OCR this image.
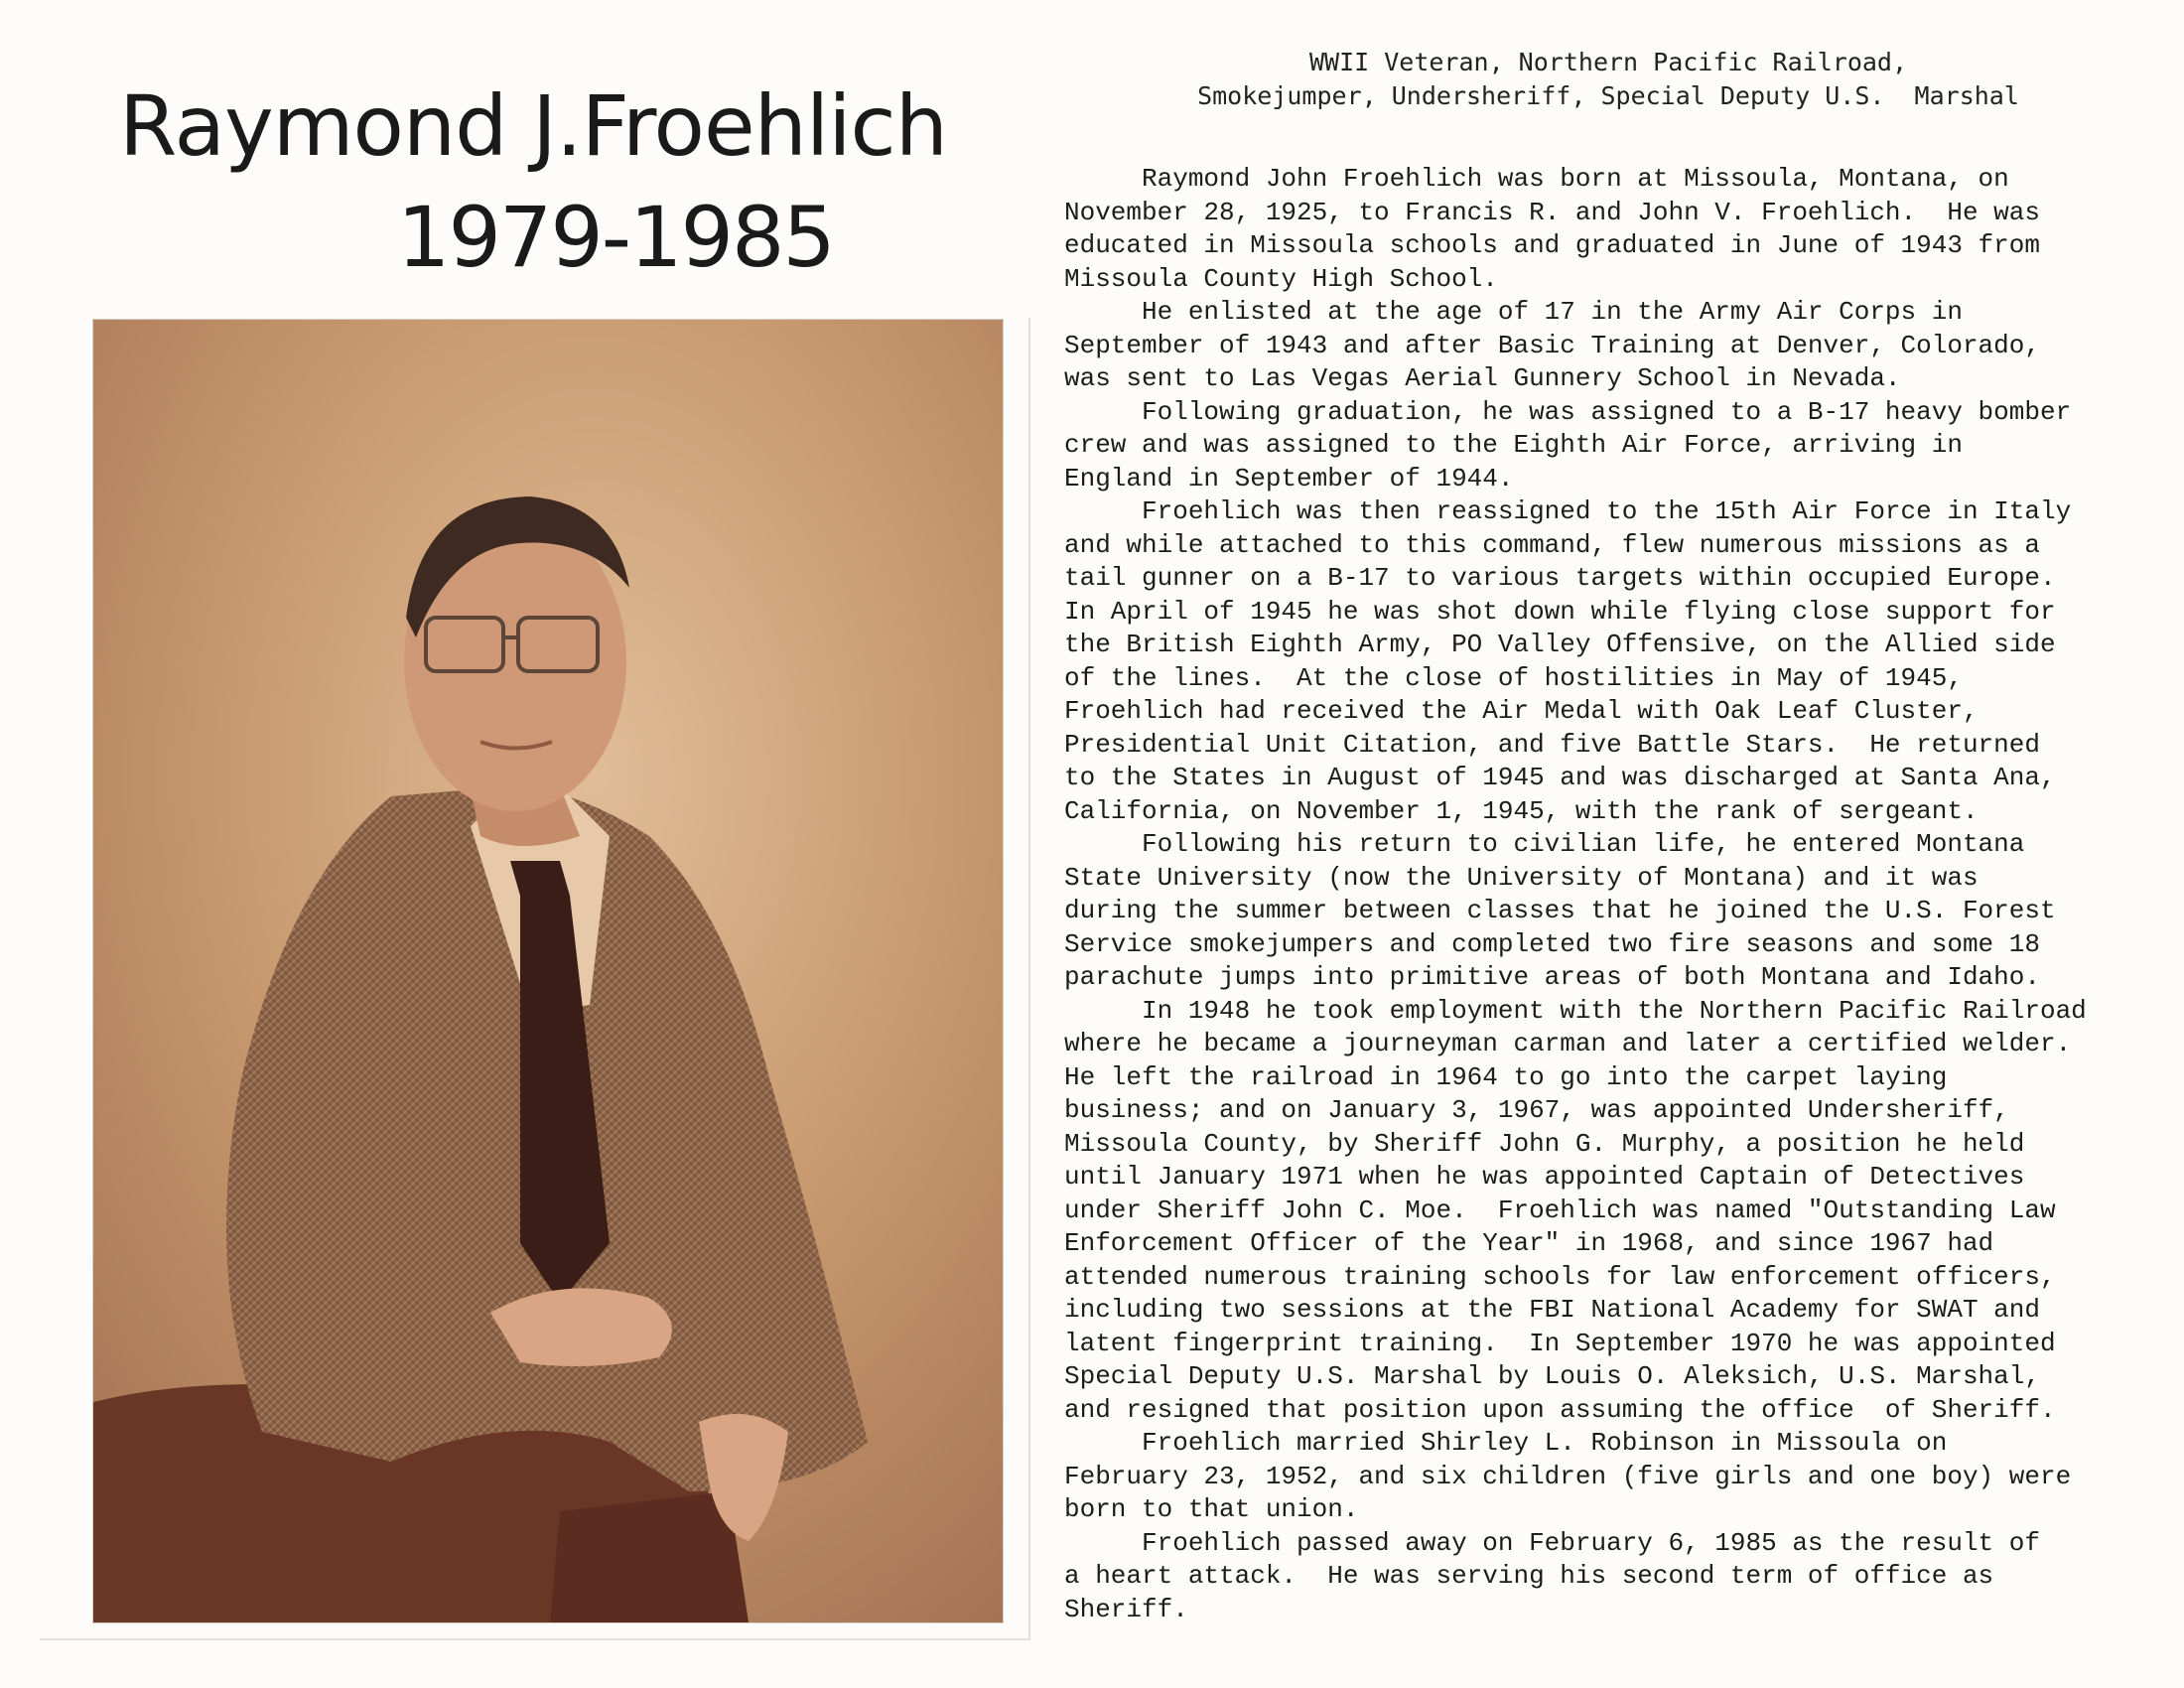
Raymond J.Froehlich
1979-1985
WWII Veteran, Northern Pacific Railroad,
Smokejumper, Undersheriff, Special Deputy U.S.  Marshal
Raymond John Froehlich was born at Missoula, Montana, on
November 28, 1925, to Francis R. and John V. Froehlich.  He was
educated in Missoula schools and graduated in June of 1943 from
Missoula County High School.
He enlisted at the age of 17 in the Army Air Corps in
September of 1943 and after Basic Training at Denver, Colorado,
was sent to Las Vegas Aerial Gunnery School in Nevada.
Following graduation, he was assigned to a B-17 heavy bomber
crew and was assigned to the Eighth Air Force, arriving in
England in September of 1944.
Froehlich was then reassigned to the 15th Air Force in Italy
and while attached to this command, flew numerous missions as a
tail gunner on a B-17 to various targets within occupied Europe.
In April of 1945 he was shot down while flying close support for
the British Eighth Army, PO Valley Offensive, on the Allied side
of the lines.  At the close of hostilities in May of 1945,
Froehlich had received the Air Medal with Oak Leaf Cluster,
Presidential Unit Citation, and five Battle Stars.  He returned
to the States in August of 1945 and was discharged at Santa Ana,
California, on November 1, 1945, with the rank of sergeant.
Following his return to civilian life, he entered Montana
State University (now the University of Montana) and it was
during the summer between classes that he joined the U.S. Forest
Service smokejumpers and completed two fire seasons and some 18
parachute jumps into primitive areas of both Montana and Idaho.
In 1948 he took employment with the Northern Pacific Railroad
where he became a journeyman carman and later a certified welder.
He left the railroad in 1964 to go into the carpet laying
business; and on January 3, 1967, was appointed Undersheriff,
Missoula County, by Sheriff John G. Murphy, a position he held
until January 1971 when he was appointed Captain of Detectives
under Sheriff John C. Moe.  Froehlich was named "Outstanding Law
Enforcement Officer of the Year" in 1968, and since 1967 had
attended numerous training schools for law enforcement officers,
including two sessions at the FBI National Academy for SWAT and
latent fingerprint training.  In September 1970 he was appointed
Special Deputy U.S. Marshal by Louis O. Aleksich, U.S. Marshal,
and resigned that position upon assuming the office  of Sheriff.
Froehlich married Shirley L. Robinson in Missoula on
February 23, 1952, and six children (five girls and one boy) were
born to that union.
Froehlich passed away on February 6, 1985 as the result of
a heart attack.  He was serving his second term of office as
Sheriff.
